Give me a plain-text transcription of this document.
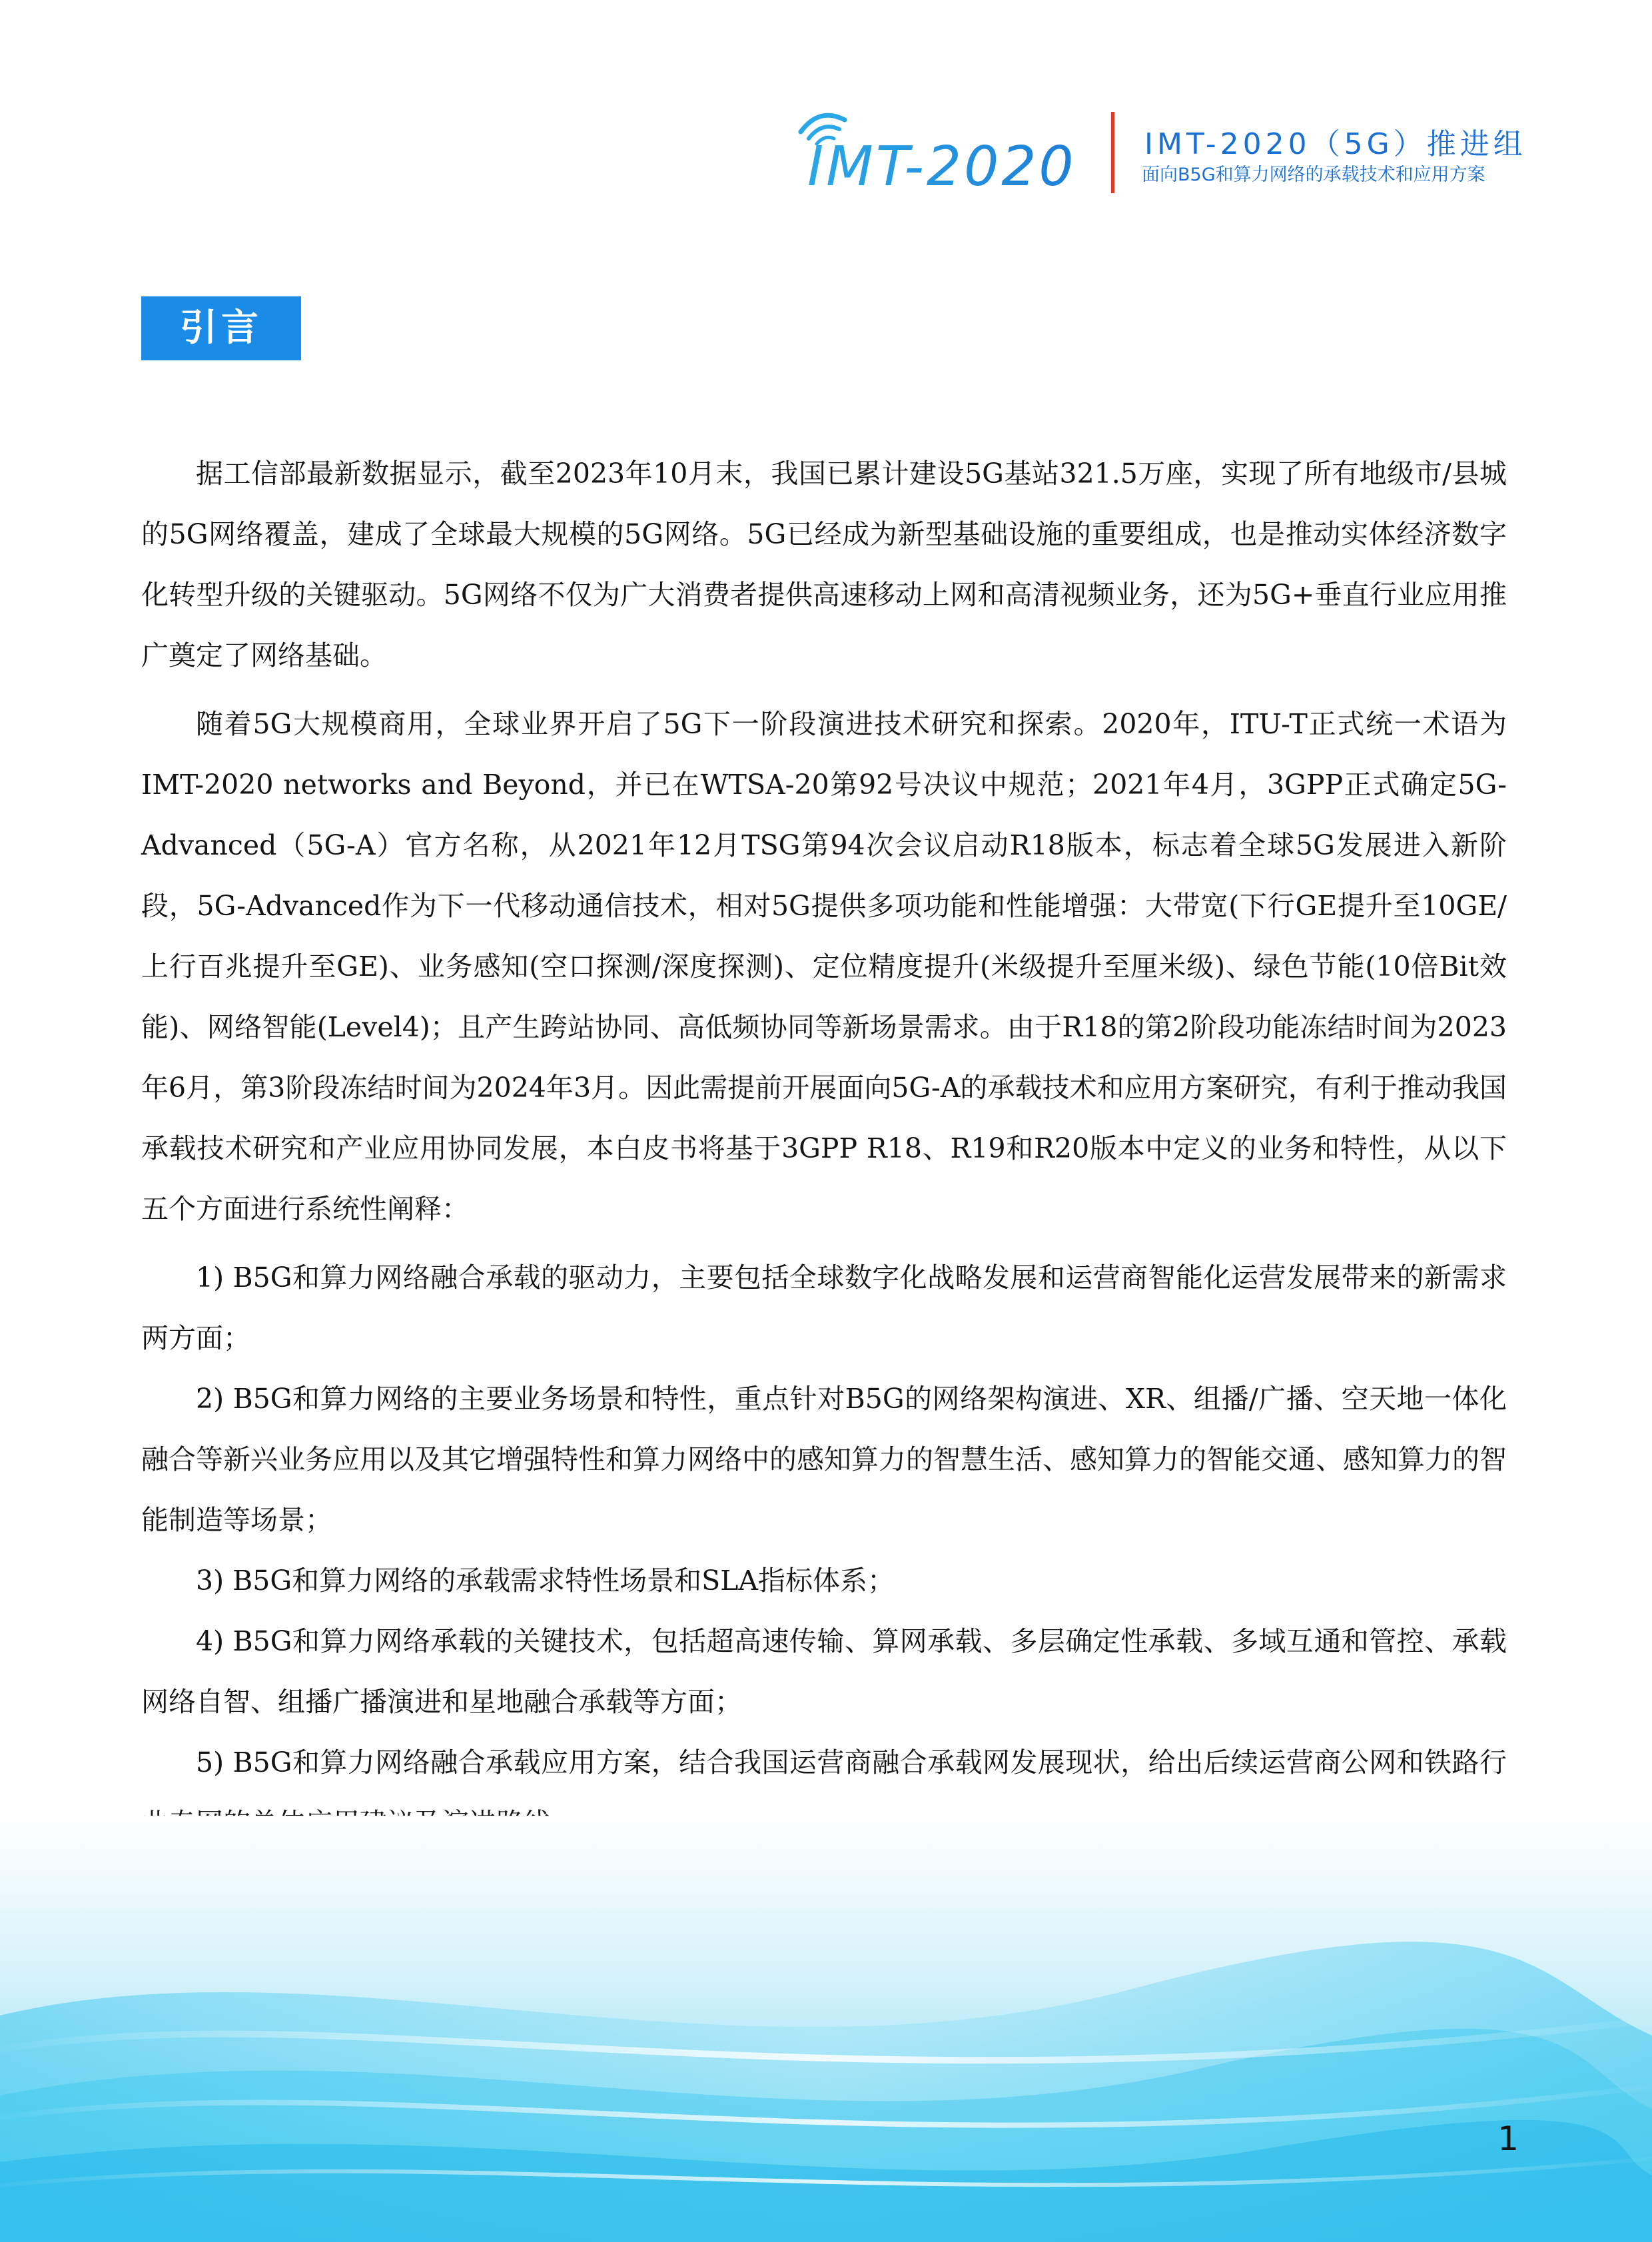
IMT-2020 IMT-2020（5G）推进组
面向B5G和算力网络的承载技术和应用方案
引言

据工信部最新数据显示，截至2023年10月末，我国已累计建设5G基站321.5万座，实现了所有地级市/县城的5G网络覆盖，建成了全球最大规模的5G网络。5G已经成为新型基础设施的重要组成，也是推动实体经济数字化转型升级的关键驱动。5G网络不仅为广大消费者提供高速移动上网和高清视频业务，还为5G+垂直行业应用推广奠定了网络基础。

随着5G大规模商用，全球业界开启了5G下一阶段演进技术研究和探索。2020年，ITU-T正式统一术语为IMT-2020 networks and Beyond，并已在WTSA-20第92号决议中规范；2021年4月，3GPP正式确定5G-Advanced（5G-A）官方名称，从2021年12月TSG第94次会议启动R18版本，标志着全球5G发展进入新阶段，5G-Advanced作为下一代移动通信技术，相对5G提供多项功能和性能增强：大带宽(下行GE提升至10GE/上行百兆提升至GE)、业务感知(空口探测/深度探测)、定位精度提升(米级提升至厘米级)、绿色节能(10倍Bit效能)、网络智能(Level4)；且产生跨站协同、高低频协同等新场景需求。由于R18的第2阶段功能冻结时间为2023年6月，第3阶段冻结时间为2024年3月。因此需提前开展面向5G-A的承载技术和应用方案研究，有利于推动我国承载技术研究和产业应用协同发展，本白皮书将基于3GPP R18、R19和R20版本中定义的业务和特性，从以下五个方面进行系统性阐释：

1) B5G和算力网络融合承载的驱动力，主要包括全球数字化战略发展和运营商智能化运营发展带来的新需求两方面；

2) B5G和算力网络的主要业务场景和特性，重点针对B5G的网络架构演进、XR、组播/广播、空天地一体化融合等新兴业务应用以及其它增强特性和算力网络中的感知算力的智慧生活、感知算力的智能交通、感知算力的智能制造等场景；

3) B5G和算力网络的承载需求特性场景和SLA指标体系；

4) B5G和算力网络承载的关键技术，包括超高速传输、算网承载、多层确定性承载、多域互通和管控、承载网络自智、组播广播演进和星地融合承载等方面；

5) B5G和算力网络融合承载应用方案，结合我国运营商融合承载网发展现状，给出后续运营商公网和铁路行

1
